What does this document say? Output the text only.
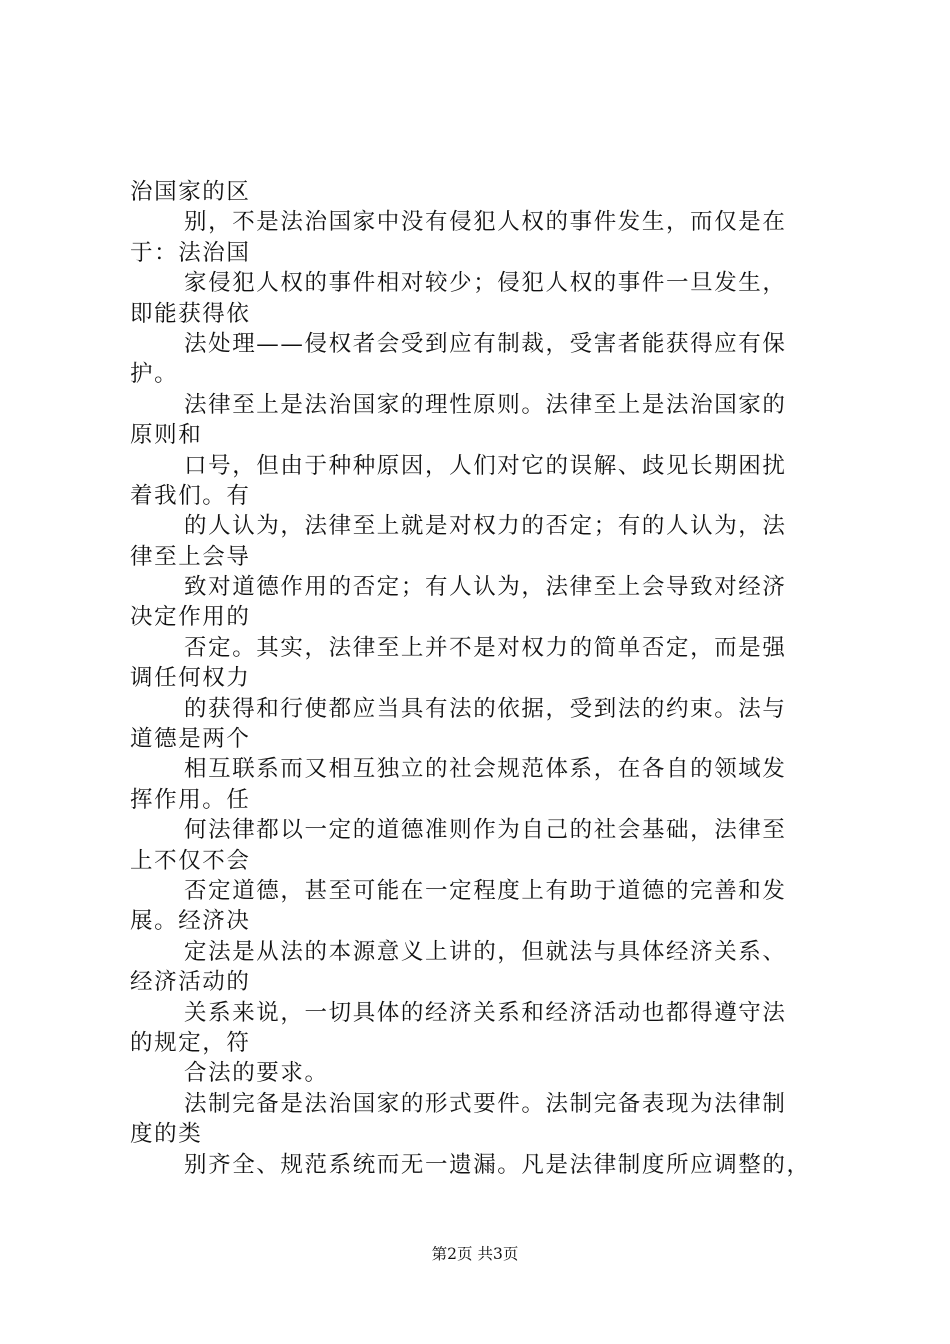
治国家的区
别，不是法治国家中没有侵犯人权的事件发生，而仅是在
于：法治国
家侵犯人权的事件相对较少；侵犯人权的事件一旦发生，
即能获得依
法处理——侵权者会受到应有制裁，受害者能获得应有保
护。
法律至上是法治国家的理性原则。法律至上是法治国家的
原则和
口号，但由于种种原因，人们对它的误解、歧见长期困扰
着我们。有
的人认为，法律至上就是对权力的否定；有的人认为，法
律至上会导
致对道德作用的否定；有人认为，法律至上会导致对经济
决定作用的
否定。其实，法律至上并不是对权力的简单否定，而是强
调任何权力
的获得和行使都应当具有法的依据，受到法的约束。法与
道德是两个
相互联系而又相互独立的社会规范体系，在各自的领域发
挥作用。任
何法律都以一定的道德准则作为自己的社会基础，法律至
上不仅不会
否定道德，甚至可能在一定程度上有助于道德的完善和发
展。经济决
定法是从法的本源意义上讲的，但就法与具体经济关系、
经济活动的
关系来说，一切具体的经济关系和经济活动也都得遵守法
的规定，符
合法的要求。
法制完备是法治国家的形式要件。法制完备表现为法律制
度的类
别齐全、规范系统而无一遗漏。凡是法律制度所应调整的，
第2页 共3页
